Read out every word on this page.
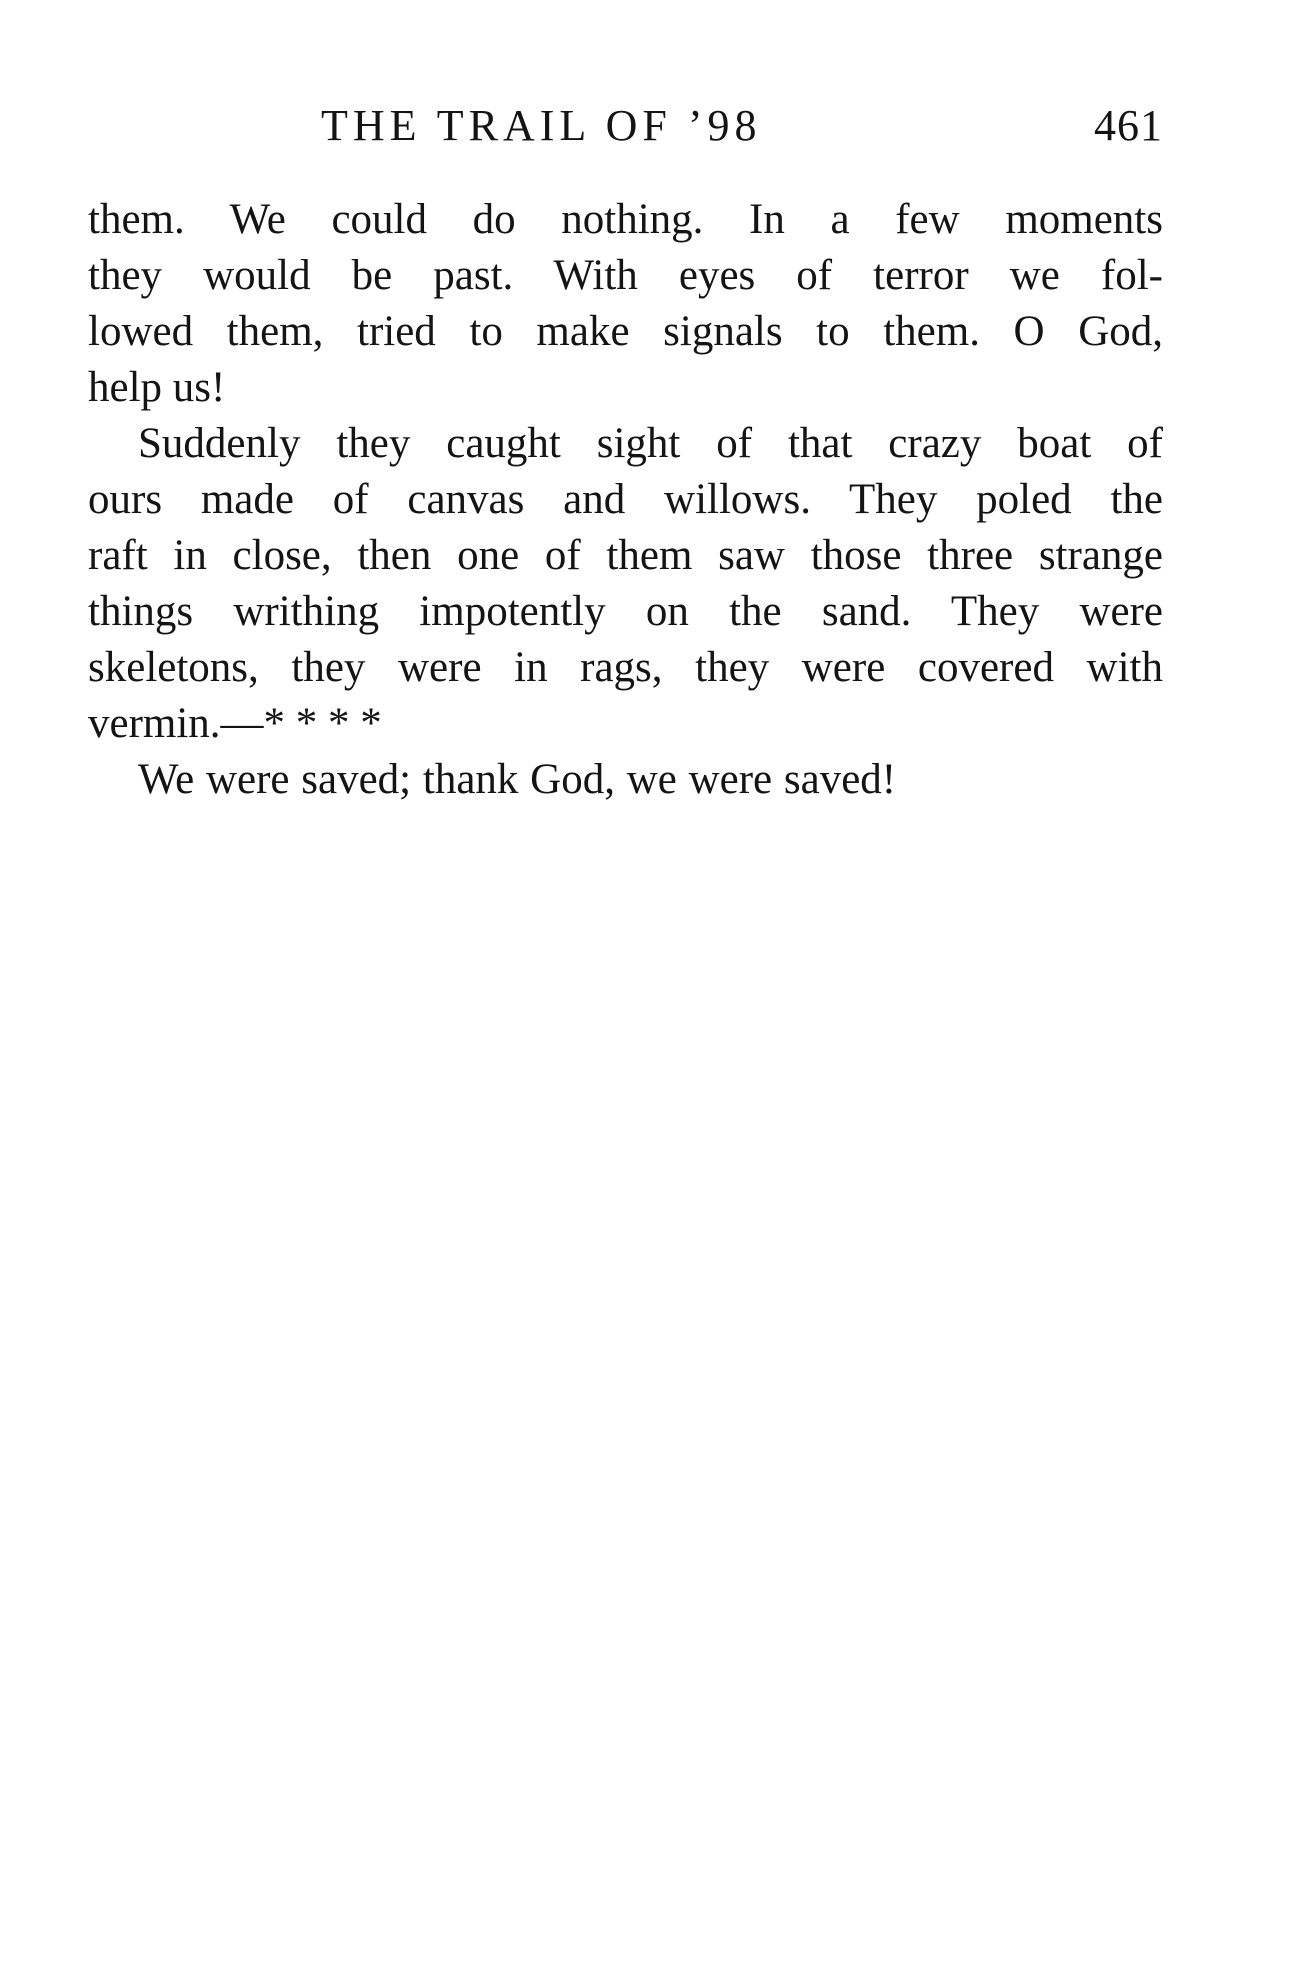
THE TRAIL OF ’98	461
them. We could do nothing. In a few moments
they would be past. With eyes of terror we fol-
lowed them, tried to make signals to them. O God,
help us!
Suddenly they caught sight of that crazy boat of
ours made of canvas and willows. They poled the
raft in close, then one of them saw those three strange
things writhing impotently on the sand. They were
skeletons, they were in rags, they were covered with
vermin.—* * * *
We were saved; thank God, we were saved!
